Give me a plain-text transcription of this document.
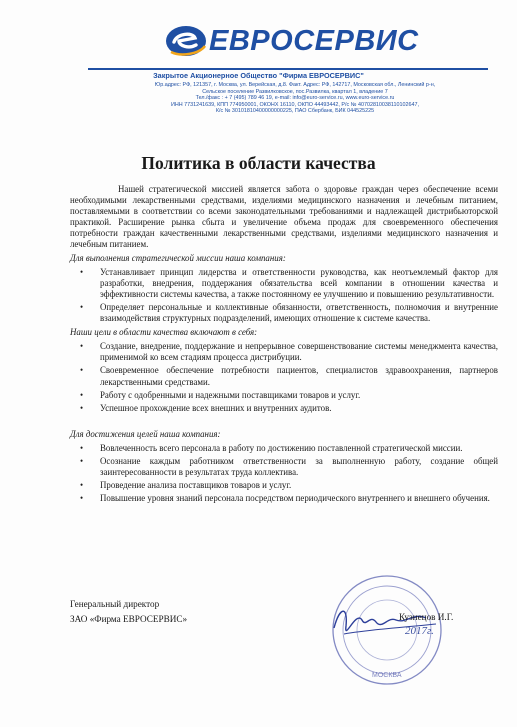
ЕВРОСЕРВИС
Закрытое Акционерное Общество "Фирма ЕВРОСЕРВИС"
Юр.адрес: РФ, 121357, г. Москва, ул. Верейская, д.8. Факт. Адрес: РФ, 142717, Московская обл., Ленинский р-н,
Сельское поселение Развилковское, пос.Развилка, квартал 1, владение 7
Тел./факс : + 7 (495) 789 46 19, e-mail: info@euro-service.ru, www.euro-service.ru
ИНН 7731241639, КПП 774950001, ОКОНХ 16110, ОКПО 44493442, Р/с № 40702810038110102647,
К/с № 30101810400000000225, ПАО Сбербанк, БИК 044525225
Политика в области качества

Нашей стратегической миссией является забота о здоровье граждан через обеспечение всеми необходимыми лекарственными средствами, изделиями медицинского назначения и лечебным питанием, поставляемыми в соответствии со всеми законодательными требованиями и надлежащей дистрибьюторской практикой. Расширение рынка сбыта и увеличение объема продаж для своевременного обеспечения потребности граждан качественными лекарственными средствами, изделиями медицинского назначения и лечебным питанием.

Для выполнения стратегической миссии наша компания:
• Устанавливает принцип лидерства и ответственности руководства, как неотъемлемый фактор для разработки, внедрения, поддержания обязательства всей компании в отношении качества и эффективности системы качества, а также постоянному ее улучшению и повышению результативности.
• Определяет персональные и коллективные обязанности, ответственность, полномочия и внутренние взаимодействия структурных подразделений, имеющих отношение к системе качества.
Наши цели в области качества включают в себя:
• Создание, внедрение, поддержание и непрерывное совершенствование системы менеджмента качества, применимой ко всем стадиям процесса дистрибуции.
• Своевременное обеспечение потребности пациентов, специалистов здравоохранения, партнеров лекарственными средствами.
• Работу с одобренными и надежными поставщиками товаров и услуг.
• Успешное прохождение всех внешних и внутренних аудитов.
Для достижения целей наша компания:
• Вовлеченность всего персонала в работу по достижению поставленной стратегической миссии.
• Осознание каждым работником ответственности за выполненную работу, создание общей заинтересованности в результатах труда коллектива.
• Проведение анализа поставщиков товаров и услуг.
• Повышение уровня знаний персонала посредством периодического внутреннего и внешнего обучения.
МОСКВА
2017г.
Генеральный директор
ЗАО «Фирма ЕВРОСЕРВИС»	Кузнецов И.Г.
